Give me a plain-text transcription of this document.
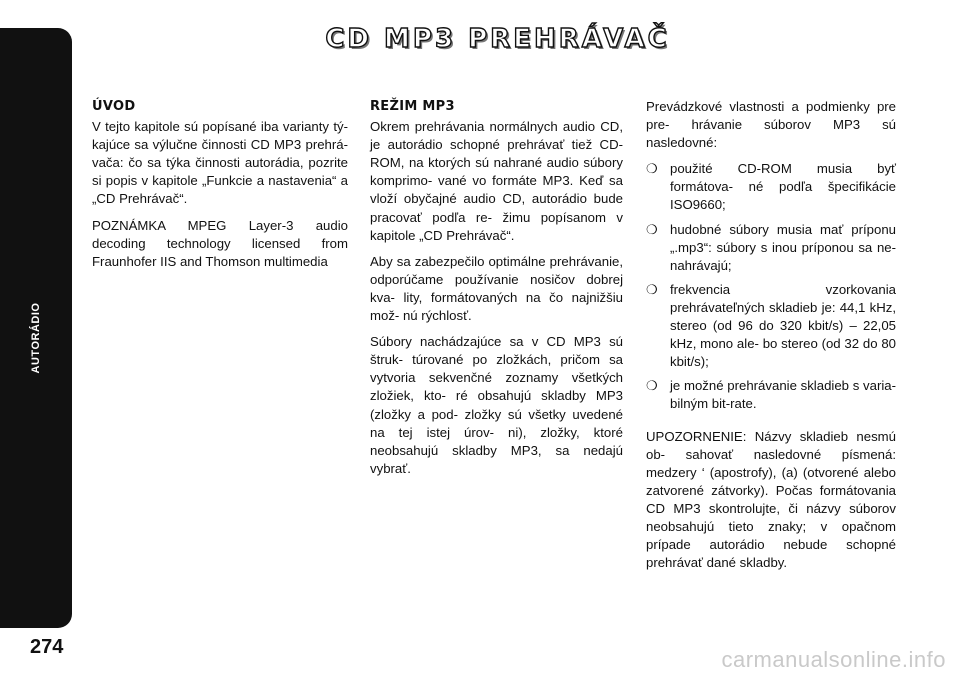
AUTORÁDIO
274
CD MP3 PREHRÁVAČ
ÚVOD

V tejto kapitole sú popísané iba varianty tý- kajúce sa výlučne činnosti CD MP3 prehrá- vača: čo sa týka činnosti autorádia, pozrite si popis v kapitole „Funkcie a nastavenia“ a „CD Prehrávač“.

POZNÁMKA MPEG Layer-3 audio decoding technology licensed from Fraunhofer IIS and Thomson multimedia

REŽIM MP3

Okrem prehrávania normálnych audio CD, je autorádio schopné prehrávať tiež CD-ROM, na ktorých sú nahrané audio súbory komprimo- vané vo formáte MP3. Keď sa vloží obyčajné audio CD, autorádio bude pracovať podľa re- žimu popísanom v kapitole „CD Prehrávač“.

Aby sa zabezpečilo optimálne prehrávanie, odporúčame používanie nosičov dobrej kva- lity, formátovaných na čo najnižšiu mož- nú rýchlosť.

Súbory nachádzajúce sa v CD MP3 sú štruk- túrované po zložkách, pričom sa vytvoria sekvenčné zoznamy všetkých zložiek, kto- ré obsahujú skladby MP3 (zložky a pod- zložky sú všetky uvedené na tej istej úrov- ni), zložky, ktoré neobsahujú skladby MP3, sa nedajú vybrať.

Prevádzkové vlastnosti a podmienky pre pre- hrávanie súborov MP3 sú nasledovné:

❍ použité CD-ROM musia byť formátova- né podľa špecifikácie ISO9660;
❍ hudobné súbory musia mať príponu „.mp3“: súbory s inou príponou sa ne- nahrávajú;
❍ frekvencia vzorkovania prehrávateľných skladieb je: 44,1 kHz, stereo (od 96 do 320 kbit/s) – 22,05 kHz, mono ale- bo stereo (od 32 do 80 kbit/s);
❍ je možné prehrávanie skladieb s varia- bilným bit-rate.

UPOZORNENIE: Názvy skladieb nesmú ob- sahovať nasledovné písmená: medzery ‘ (apostrofy), (a) (otvorené alebo zatvorené zátvorky). Počas formátovania CD MP3 skontrolujte, či názvy súborov neobsahujú tieto znaky; v opačnom prípade autorádio nebude schopné prehrávať dané skladby.

carmanualsonline.info
